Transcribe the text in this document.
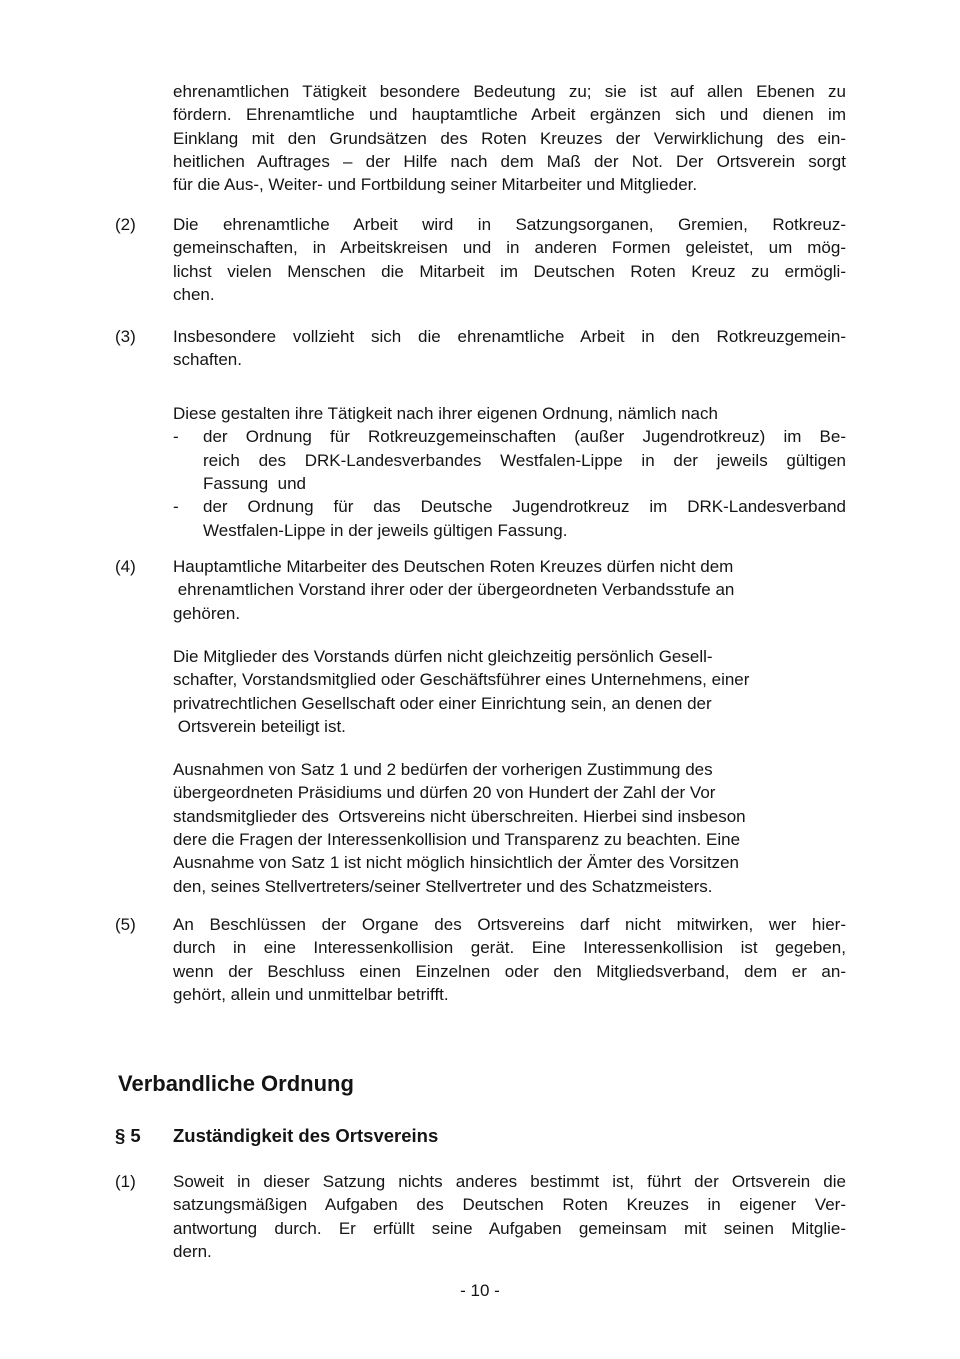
ehrenamtlichen Tätigkeit besondere Bedeutung zu; sie ist auf allen Ebenen zu
fördern. Ehrenamtliche und hauptamtliche Arbeit ergänzen sich und dienen im
Einklang mit den Grundsätzen des Roten Kreuzes der Verwirklichung des ein-
heitlichen Auftrages – der Hilfe nach dem Maß der Not. Der Ortsverein sorgt
für die Aus-, Weiter- und Fortbildung seiner Mitarbeiter und Mitglieder.
(2) Die ehrenamtliche Arbeit wird in Satzungsorganen, Gremien, Rotkreuz-
gemeinschaften, in Arbeitskreisen und in anderen Formen geleistet, um mög-
lichst vielen Menschen die Mitarbeit im Deutschen Roten Kreuz zu ermögli-
chen.
(3) Insbesondere vollzieht sich die ehrenamtliche Arbeit in den Rotkreuzgemein-
schaften.
Diese gestalten ihre Tätigkeit nach ihrer eigenen Ordnung, nämlich nach
- der Ordnung für Rotkreuzgemeinschaften (außer Jugendrotkreuz) im Be-
reich des DRK-Landesverbandes Westfalen-Lippe in der jeweils gültigen
Fassung  und
- der Ordnung für das Deutsche Jugendrotkreuz im DRK-Landesverband
Westfalen-Lippe in der jeweils gültigen Fassung.
(4) Hauptamtliche Mitarbeiter des Deutschen Roten Kreuzes dürfen nicht dem
ehrenamtlichen Vorstand ihrer oder der übergeordneten Verbandsstufe an
gehören.
Die Mitglieder des Vorstands dürfen nicht gleichzeitig persönlich Gesell-
schafter, Vorstandsmitglied oder Geschäftsführer eines Unternehmens, einer
privatrechtlichen Gesellschaft oder einer Einrichtung sein, an denen der
Ortsverein beteiligt ist.
Ausnahmen von Satz 1 und 2 bedürfen der vorherigen Zustimmung des
übergeordneten Präsidiums und dürfen 20 von Hundert der Zahl der Vor
standsmitglieder des  Ortsvereins nicht überschreiten. Hierbei sind insbeson
dere die Fragen der Interessenkollision und Transparenz zu beachten. Eine
Ausnahme von Satz 1 ist nicht möglich hinsichtlich der Ämter des Vorsitzen
den, seines Stellvertreters/seiner Stellvertreter und des Schatzmeisters.
(5) An Beschlüssen der Organe des Ortsvereins darf nicht mitwirken, wer hier-
durch in eine Interessenkollision gerät. Eine Interessenkollision ist gegeben,
wenn der Beschluss einen Einzelnen oder den Mitgliedsverband, dem er an-
gehört, allein und unmittelbar betrifft.
Verbandliche Ordnung

§ 5

Zuständigkeit des Ortsvereins

(1) Soweit in dieser Satzung nichts anderes bestimmt ist, führt der Ortsverein die
satzungsmäßigen Aufgaben des Deutschen Roten Kreuzes in eigener Ver-
antwortung durch. Er erfüllt seine Aufgaben gemeinsam mit seinen Mitglie-
dern.
- 10 -
